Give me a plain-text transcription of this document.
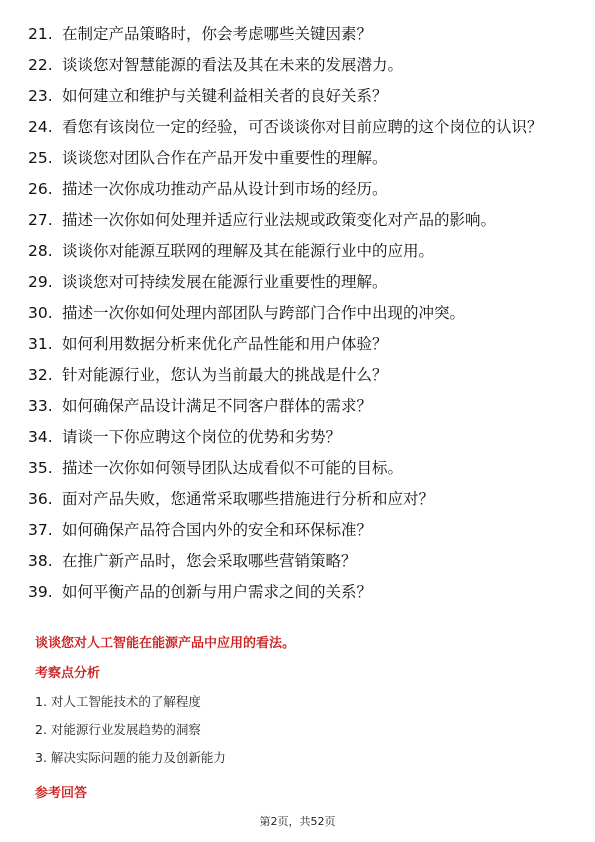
21. 在制定产品策略时，你会考虑哪些关键因素？
22. 谈谈您对智慧能源的看法及其在未来的发展潜力。
23. 如何建立和维护与关键利益相关者的良好关系？
24. 看您有该岗位一定的经验，可否谈谈你对目前应聘的这个岗位的认识？
25. 谈谈您对团队合作在产品开发中重要性的理解。
26. 描述一次你成功推动产品从设计到市场的经历。
27. 描述一次你如何处理并适应行业法规或政策变化对产品的影响。
28. 谈谈你对能源互联网的理解及其在能源行业中的应用。
29. 谈谈您对可持续发展在能源行业重要性的理解。
30. 描述一次你如何处理内部团队与跨部门合作中出现的冲突。
31. 如何利用数据分析来优化产品性能和用户体验？
32. 针对能源行业，您认为当前最大的挑战是什么？
33. 如何确保产品设计满足不同客户群体的需求？
34. 请谈一下你应聘这个岗位的优势和劣势？
35. 描述一次你如何领导团队达成看似不可能的目标。
36. 面对产品失败，您通常采取哪些措施进行分析和应对？
37. 如何确保产品符合国内外的安全和环保标准？
38. 在推广新产品时，您会采取哪些营销策略？
39. 如何平衡产品的创新与用户需求之间的关系？
谈谈您对人工智能在能源产品中应用的看法。
考察点分析
1. 对人工智能技术的了解程度
2. 对能源行业发展趋势的洞察
3. 解决实际问题的能力及创新能力
参考回答
第2页，共52页
